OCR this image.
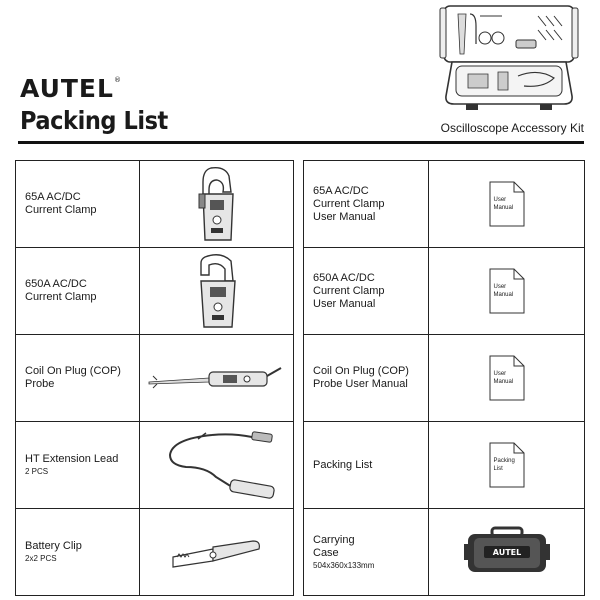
AUTEL®
Packing List	Oscilloscope Accessory Kit
65A AC/DC Current Clamp

650A AC/DC Current Clamp

Coil On Plug (COP) Probe

HT Extension Lead
2 PCS

Battery Clip
2x2 PCS

65A AC/DC Current Clamp User Manual	User Manual

650A AC/DC Current Clamp User Manual	User Manual

Coil On Plug (COP) Probe User Manual	User Manual

Packing List	Packing List

Carrying Case
504x360x133mm	AUTEL
